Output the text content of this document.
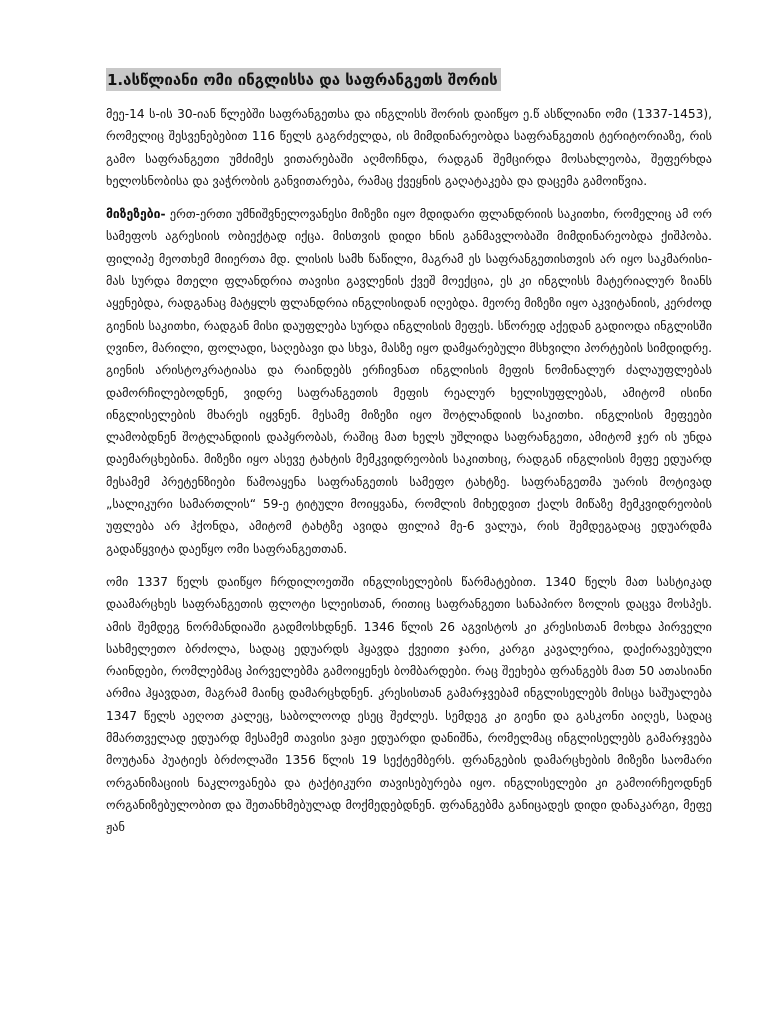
1.ასწლიანი ომი ინგლისსა და საფრანგეთს შორის

მეე-14 ს-ის 30-იან წლებში საფრანგეთსა და ინგლისს შორის დაიწყო ე.წ ასწლიანი ომი (1337-1453), რომელიც შესვენებებით 116 წელს გაგრძელდა, ის მიმდინარეობდა საფრანგეთის ტერიტორიაზე, რის გამო საფრანგეთი უმძიმეს ვითარებაში აღმოჩნდა, რადგან შემცირდა მოსახლეობა, შეფერხდა ხელოსნობისა და ვაჭრობის განვითარება, რამაც ქვეყნის გაღატაკება და დაცემა გამოიწვია.

მიზეზები- ერთ-ერთი უმნიშვნელოვანესი მიზეზი იყო მდიდარი ფლანდრიის საკითხი, რომელიც ამ ორ სამეფოს აგრესიის ობიექტად იქცა. მისთვის დიდი ხნის განმავლობაში მიმდინარეობდა ქიშპობა. ფილიპე მეოთხემ მიიერთა მდ. ლისის სამხ წაწილი, მაგრამ ეს საფრანგეთისთვის არ იყო საკმარისი-მას სურდა მთელი ფლანდრია თავისი გავლენის ქვეშ მოექცია, ეს კი ინგლისს მატერიალურ ზიანს აყენებდა, რადგანაც მატყლს ფლანდრია ინგლისიდან იღებდა. მეორე მიზეზი იყო აკვიტანიის, კერძოდ გიენის საკითხი, რადგან მისი დაუფლება სურდა ინგლისის მეფეს. სწორედ აქედან გადიოდა ინგლისში ღვინო, მარილი, ფოლადი, საღებავი და სხვა, მასზე იყო დამყარებული მსხვილი პორტების სიმდიდრე. გიენის არისტოკრატიასა და რაინდებს ერჩივნათ ინგლისის მეფის ნომინალურ ძალაუფლებას დამორჩილებოდნენ, ვიდრე საფრანგეთის მეფის რეალურ ხელისუფლებას, ამიტომ ისინი ინგლისელების მხარეს იყვნენ. მესამე მიზეზი იყო შოტლანდიის საკითხი. ინგლისის მეფეები ლამობდნენ შოტლანდიის დაპყრობას, რაშიც მათ ხელს უშლიდა საფრანგეთი, ამიტომ ჯერ ის უნდა დაემარცხებინა. მიზეზი იყო ასევე ტახტის მემკვიდრეობის საკითხიც, რადგან ინგლისის მეფე ედუარდ მესამემ პრეტენზიები წამოაყენა საფრანგეთის სამეფო ტახტზე. საფრანგეთმა უარის მოტივად „სალიკური სამართლის“ 59-ე ტიტული მოიყვანა, რომლის მიხედვით ქალს მიწაზე მემკვიდრეობის უფლება არ ჰქონდა, ამიტომ ტახტზე ავიდა ფილიპ მე-6 ვალუა, რის შემდეგადაც ედუარდმა გადაწყვიტა დაეწყო ომი საფრანგეთთან.

ომი 1337 წელს დაიწყო ჩრდილოეთში ინგლისელების წარმატებით. 1340 წელს მათ სასტიკად დაამარცხეს საფრანგეთის ფლოტი სლეისთან, რითიც საფრანგეთი სანაპირო ზოლის დაცვა მოსპეს. ამის შემდეგ ნორმანდიაში გადმოსხდნენ. 1346 წლის 26 აგვისტოს კი კრესისთან მოხდა პირველი სახმელეთო ბრძოლა, სადაც ედუარდს ჰყავდა ქვეითი ჯარი, კარგი კავალერია, დაქირავებული რაინდები, რომლებმაც პირველებმა გამოიყენეს ბომბარდები. რაც შეეხება ფრანგებს მათ 50 ათასიანი არმია ჰყავდათ, მაგრამ მაინც დამარცხდნენ. კრესისთან გამარჯვებამ ინგლისელებს მისცა საშუალება 1347 წელს აეღოთ კალეც, საბოლოოდ ესეც შეძლეს. სემდეგ კი გიენი და გასკონი აიღეს, სადაც მმართველად ედუარდ მესამემ თავისი ვაჟი ედუარდი დანიშნა, რომელმაც ინგლისელებს გამარჯვება მოუტანა პუატიეს ბრძოლაში 1356 წლის 19 სექტემბერს. ფრანგების დამარცხების მიზეზი საომარი ორგანიზაციის ნაკლოვანება და ტაქტიკური თავისებურება იყო. ინგლისელები კი გამოირჩეოდნენ ორგანიზებულობით და შეთანხმებულად მოქმედებდნენ. ფრანგებმა განიცადეს დიდი დანაკარგი, მეფე ჟან
